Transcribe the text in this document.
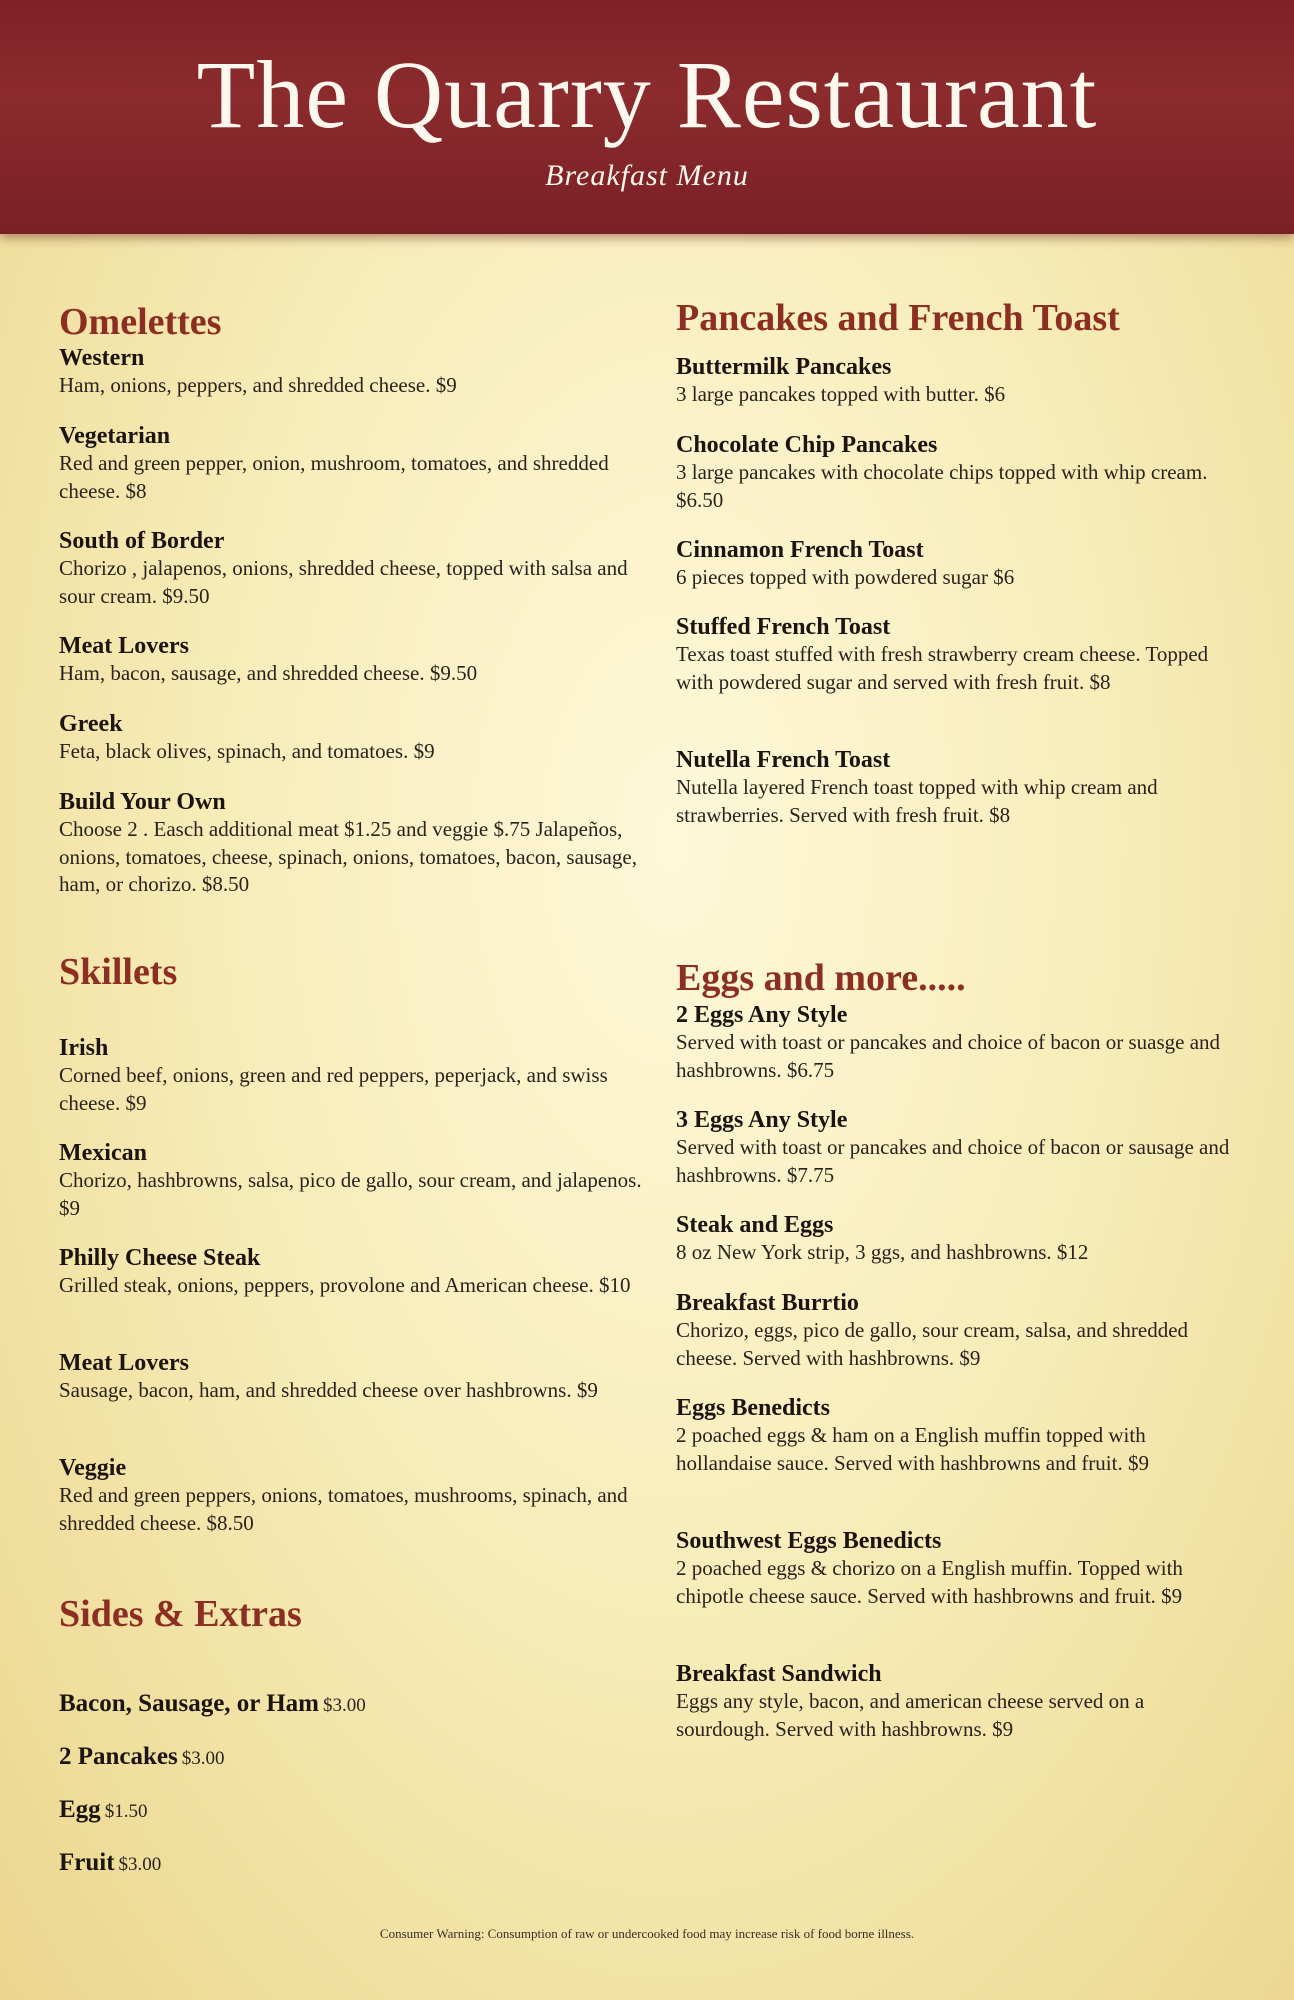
The Quarry Restaurant
Breakfast Menu
Omelettes
Western
Ham, onions, peppers, and shredded cheese. $9
Vegetarian
Red and green pepper, onion, mushroom, tomatoes, and shredded cheese. $8
South of Border
Chorizo , jalapenos, onions, shredded cheese, topped with salsa and sour cream. $9.50
Meat Lovers
Ham, bacon, sausage, and shredded cheese. $9.50
Greek
Feta, black olives, spinach, and tomatoes. $9
Build Your Own
Choose 2 . Easch additional meat $1.25 and veggie $.75 Jalapeños, onions, tomatoes, cheese, spinach, onions, tomatoes, bacon, sausage, ham, or chorizo. $8.50
Skillets
Irish
Corned beef, onions, green and red peppers, peperjack, and swiss cheese. $9
Mexican
Chorizo, hashbrowns, salsa, pico de gallo, sour cream, and jalapenos. $9
Philly Cheese Steak
Grilled steak, onions, peppers, provolone and American cheese. $10
Meat Lovers
Sausage, bacon, ham, and shredded cheese over hashbrowns. $9
Veggie
Red and green peppers, onions, tomatoes, mushrooms, spinach, and shredded cheese. $8.50
Sides & Extras
Bacon, Sausage, or Ham $3.00
2 Pancakes $3.00
Egg $1.50
Fruit $3.00
Pancakes and French Toast
Buttermilk Pancakes
3 large pancakes topped with butter. $6
Chocolate Chip Pancakes
3 large pancakes with chocolate chips topped with whip cream. $6.50
Cinnamon French Toast
6 pieces topped with powdered sugar $6
Stuffed French Toast
Texas toast stuffed with fresh strawberry cream cheese. Topped with powdered sugar and served with fresh fruit. $8
Nutella French Toast
Nutella layered French toast topped with whip cream and strawberries. Served with fresh fruit. $8
Eggs and more.....
2 Eggs Any Style
Served with toast or pancakes and choice of bacon or suasge and hashbrowns. $6.75
3 Eggs Any Style
Served with toast or pancakes and choice of bacon or sausage and hashbrowns. $7.75
Steak and Eggs
8 oz New York strip, 3 ggs, and hashbrowns. $12
Breakfast Burrtio
Chorizo, eggs, pico de gallo, sour cream, salsa, and shredded cheese. Served with hashbrowns. $9
Eggs Benedicts
2 poached eggs & ham on a English muffin topped with hollandaise sauce. Served with hashbrowns and fruit. $9
Southwest Eggs Benedicts
2 poached eggs & chorizo on a English muffin. Topped with chipotle cheese sauce. Served with hashbrowns and fruit. $9
Breakfast Sandwich
Eggs any style, bacon, and american cheese served on a sourdough. Served with hashbrowns. $9
Consumer Warning: Consumption of raw or undercooked food may increase risk of food borne illness.
